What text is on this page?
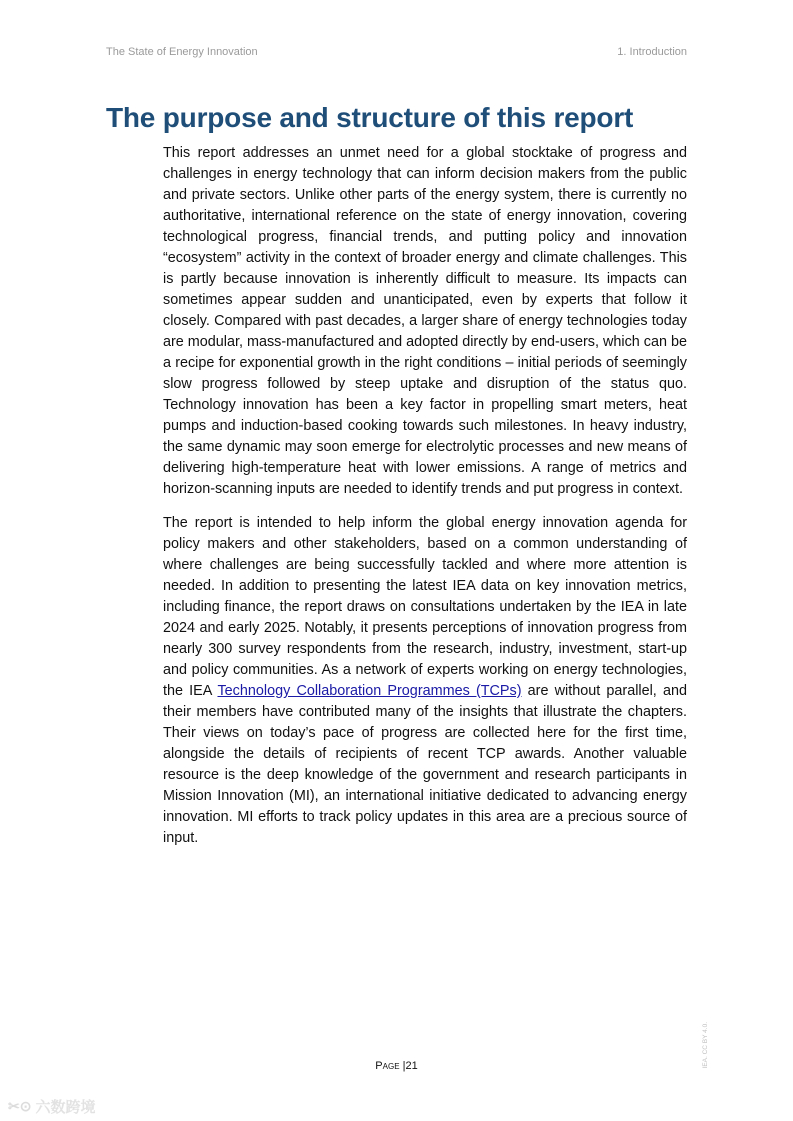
The State of Energy Innovation	1. Introduction
The purpose and structure of this report

This report addresses an unmet need for a global stocktake of progress and challenges in energy technology that can inform decision makers from the public and private sectors. Unlike other parts of the energy system, there is currently no authoritative, international reference on the state of energy innovation, covering technological progress, financial trends, and putting policy and innovation “ecosystem” activity in the context of broader energy and climate challenges. This is partly because innovation is inherently difficult to measure. Its impacts can sometimes appear sudden and unanticipated, even by experts that follow it closely. Compared with past decades, a larger share of energy technologies today are modular, mass-manufactured and adopted directly by end-users, which can be a recipe for exponential growth in the right conditions – initial periods of seemingly slow progress followed by steep uptake and disruption of the status quo. Technology innovation has been a key factor in propelling smart meters, heat pumps and induction-based cooking towards such milestones. In heavy industry, the same dynamic may soon emerge for electrolytic processes and new means of delivering high-temperature heat with lower emissions. A range of metrics and horizon-scanning inputs are needed to identify trends and put progress in context.

The report is intended to help inform the global energy innovation agenda for policy makers and other stakeholders, based on a common understanding of where challenges are being successfully tackled and where more attention is needed. In addition to presenting the latest IEA data on key innovation metrics, including finance, the report draws on consultations undertaken by the IEA in late 2024 and early 2025. Notably, it presents perceptions of innovation progress from nearly 300 survey respondents from the research, industry, investment, start-up and policy communities. As a network of experts working on energy technologies, the IEA Technology Collaboration Programmes (TCPs) are without parallel, and their members have contributed many of the insights that illustrate the chapters. Their views on today’s pace of progress are collected here for the first time, alongside the details of recipients of recent TCP awards. Another valuable resource is the deep knowledge of the government and research participants in Mission Innovation (MI), an international initiative dedicated to advancing energy innovation. MI efforts to track policy updates in this area are a precious source of input.

IEA. CC BY 4.0.
Page |21
✂⊙ 六数跨境
